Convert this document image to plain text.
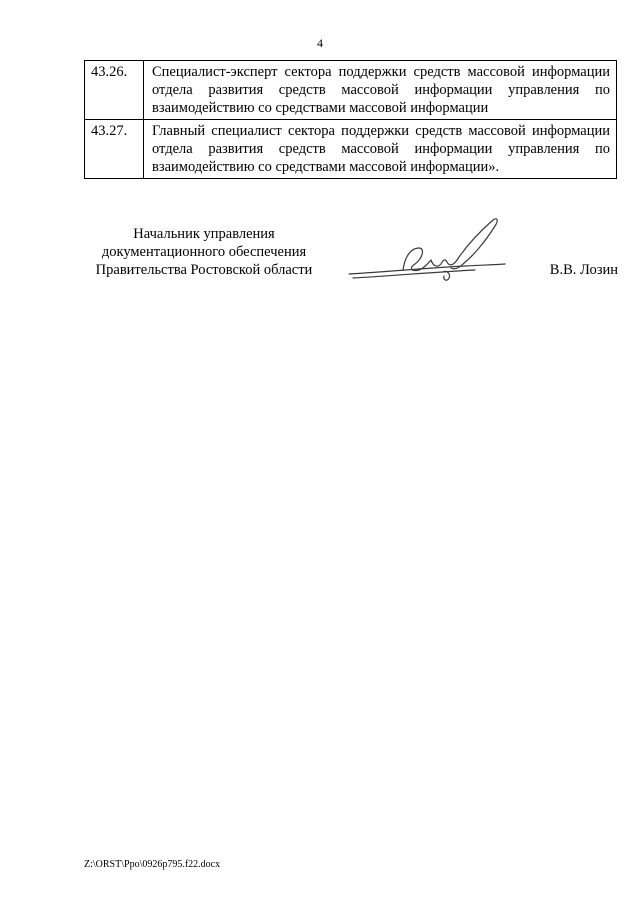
4
43.26.	Специалист-эксперт сектора поддержки средств массовой информации отдела развития средств массовой информации управления по взаимодействию со средствами массовой информации
43.27.	Главный специалист сектора поддержки средств массовой информации отдела развития средств массовой информации управления по взаимодействию со средствами массовой информации».
Начальник управления
документационного обеспечения
Правительства Ростовской области	В.В. Лозин
Z:\ORST\Ppo\0926p795.f22.docx
